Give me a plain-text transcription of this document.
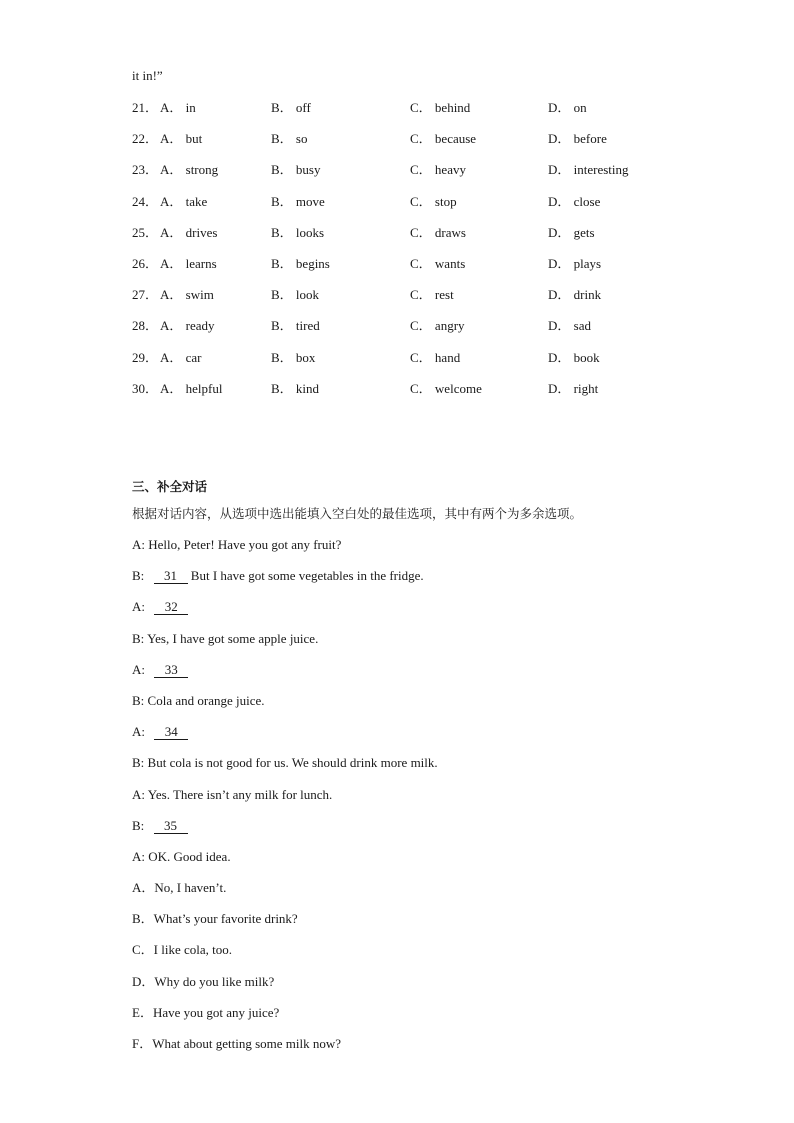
it in!”
21． A． in	B． off	C． behind	D． on
22． A． but	B． so	C． because	D． before
23． A． strong	B． busy	C． heavy	D． interesting
24． A． take	B． move	C． stop	D． close
25． A． drives	B． looks	C． draws	D． gets
26． A． learns	B． begins	C． wants	D． plays
27． A． swim	B． look	C． rest	D． drink
28． A． ready	B． tired	C． angry	D． sad
29． A． car	B． box	C． hand	D． book
30． A． helpful	B． kind	C． welcome	D． right
三、补全对话
根据对话内容，从选项中选出能填入空白处的最佳选项，其中有两个为多余选项。
A: Hello, Peter! Have you got any fruit?
B: 31 But I have got some vegetables in the fridge.
A: 32
B: Yes, I have got some apple juice.
A: 33
B: Cola and orange juice.
A: 34
B: But cola is not good for us. We should drink more milk.
A: Yes. There isn’t any milk for lunch.
B: 35
A: OK. Good idea.
A．No, I haven’t.
B．What’s your favorite drink?
C．I like cola, too.
D．Why do you like milk?
E．Have you got any juice?
F．What about getting some milk now?
